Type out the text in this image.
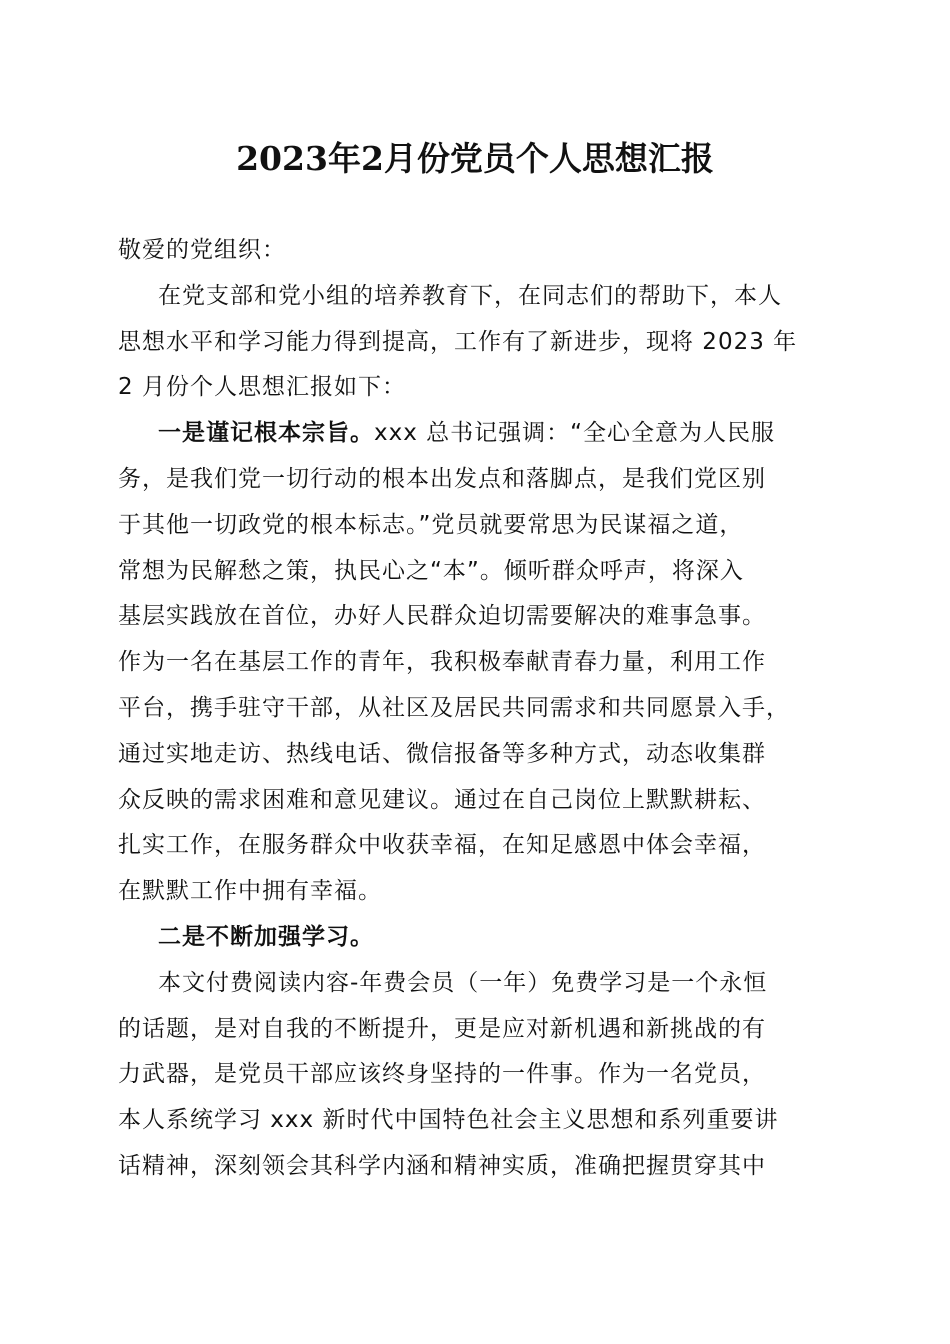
2023年2月份党员个人思想汇报
敬爱的党组织：
在党支部和党小组的培养教育下，在同志们的帮助下，本人
思想水平和学习能力得到提高，工作有了新进步，现将 2023 年
2 月份个人思想汇报如下：
一是谨记根本宗旨。xxx 总书记强调：“全心全意为人民服
务，是我们党一切行动的根本出发点和落脚点，是我们党区别
于其他一切政党的根本标志。”党员就要常思为民谋福之道，
常想为民解愁之策，执民心之“本”。倾听群众呼声，将深入
基层实践放在首位，办好人民群众迫切需要解决的难事急事。
作为一名在基层工作的青年，我积极奉献青春力量，利用工作
平台，携手驻守干部，从社区及居民共同需求和共同愿景入手，
通过实地走访、热线电话、微信报备等多种方式，动态收集群
众反映的需求困难和意见建议。通过在自己岗位上默默耕耘、
扎实工作，在服务群众中收获幸福，在知足感恩中体会幸福，
在默默工作中拥有幸福。
二是不断加强学习。
本文付费阅读内容-年费会员（一年）免费学习是一个永恒
的话题，是对自我的不断提升，更是应对新机遇和新挑战的有
力武器，是党员干部应该终身坚持的一件事。作为一名党员，
本人系统学习 xxx 新时代中国特色社会主义思想和系列重要讲
话精神，深刻领会其科学内涵和精神实质，准确把握贯穿其中
